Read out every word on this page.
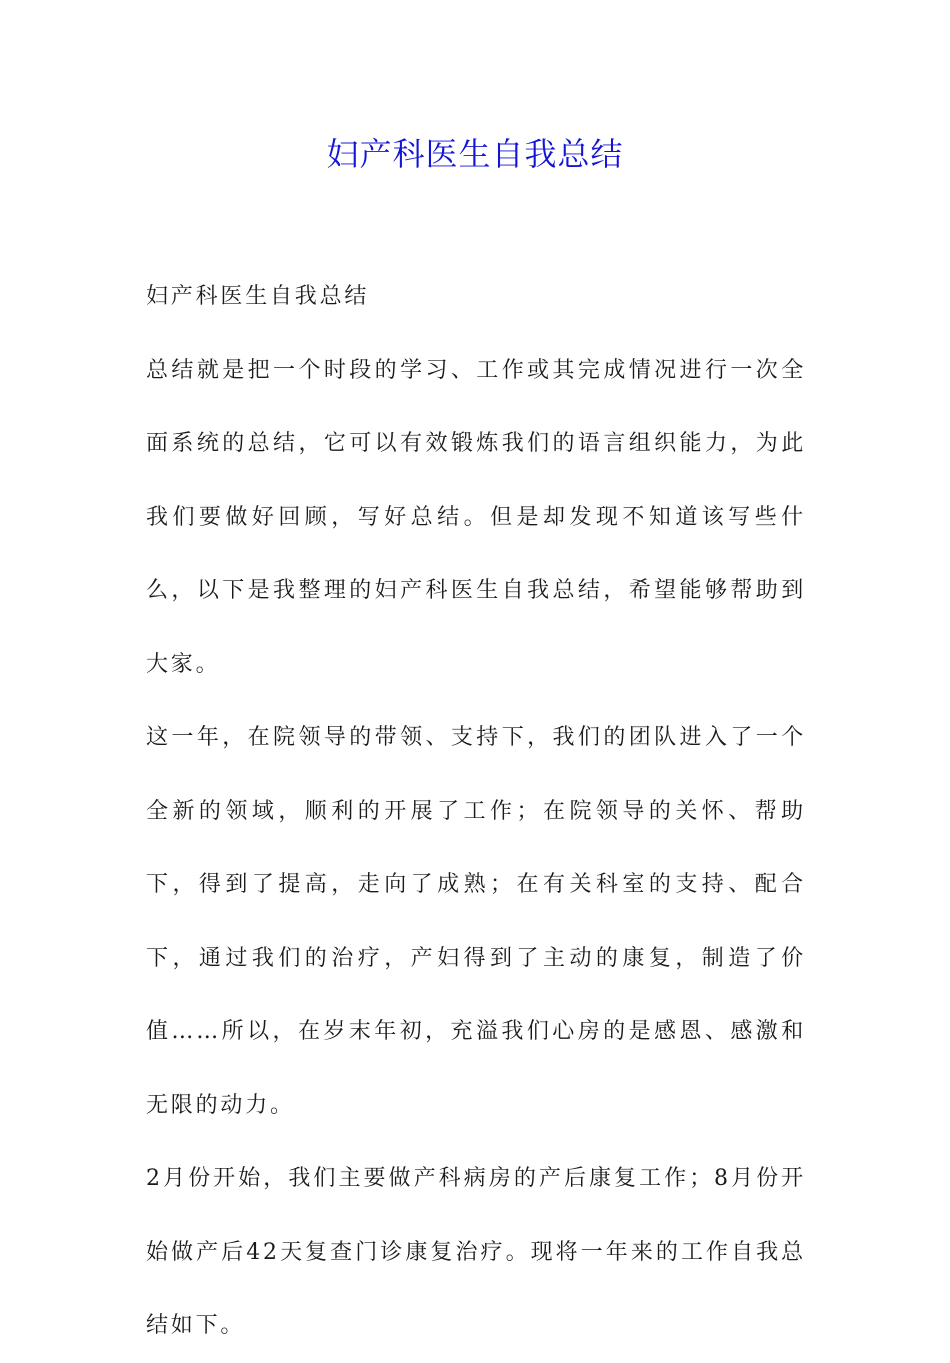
妇产科医生自我总结

妇产科医生自我总结

总结就是把一个时段的学习、工作或其完成情况进行一次全面系统的总结，它可以有效锻炼我们的语言组织能力，为此我们要做好回顾，写好总结。但是却发现不知道该写些什么，以下是我整理的妇产科医生自我总结，希望能够帮助到大家。

这一年，在院领导的带领、支持下，我们的团队进入了一个全新的领域，顺利的开展了工作；在院领导的关怀、帮助下，得到了提高，走向了成熟；在有关科室的支持、配合下，通过我们的治疗，产妇得到了主动的康复，制造了价值……所以，在岁末年初，充溢我们心房的是感恩、感激和无限的动力。

2月份开始，我们主要做产科病房的产后康复工作；8月份开始做产后42天复查门诊康复治疗。现将一年来的工作自我总结如下。
